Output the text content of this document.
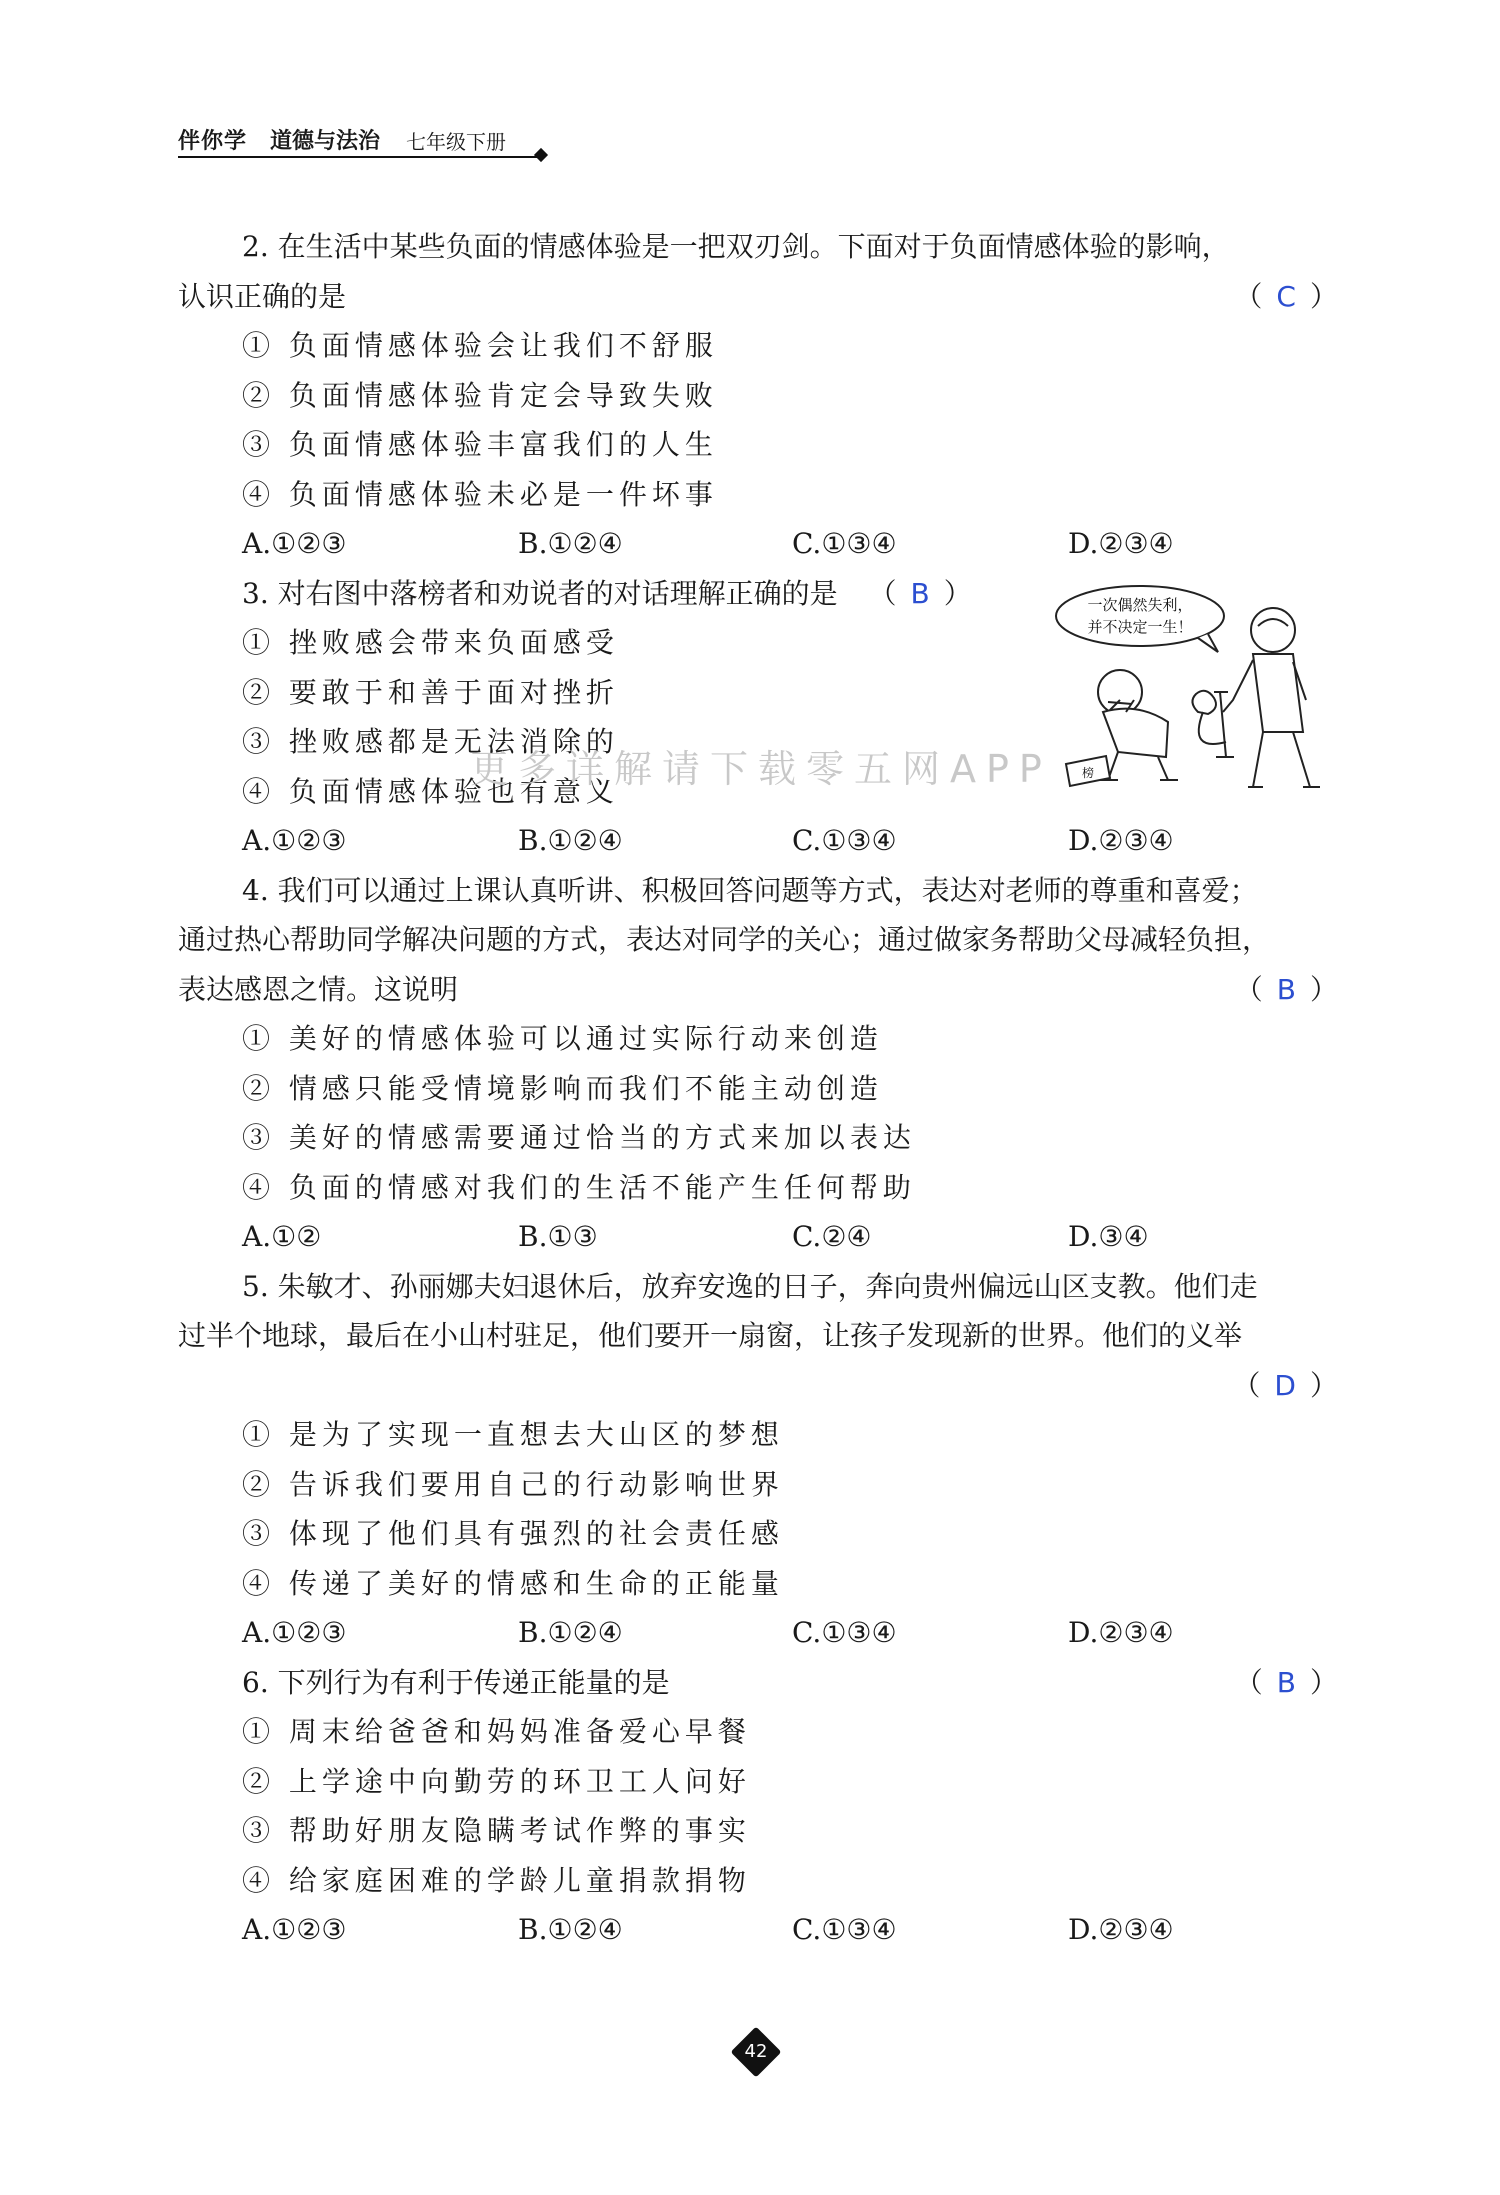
伴你学 道德与法治 七年级下册
2. 在生活中某些负面的情感体验是一把双刃剑。下面对于负面情感体验的影响，
认识正确的是	（ C ）
① 负面情感体验会让我们不舒服
② 负面情感体验肯定会导致失败
③ 负面情感体验丰富我们的人生
④ 负面情感体验未必是一件坏事
A.①②③	B.①②④	C.①③④	D.②③④
3. 对右图中落榜者和劝说者的对话理解正确的是 （ B ）
① 挫败感会带来负面感受
② 要敢于和善于面对挫折
③ 挫败感都是无法消除的
④ 负面情感体验也有意义
A.①②③	B.①②④	C.①③④	D.②③④
4. 我们可以通过上课认真听讲、积极回答问题等方式，表达对老师的尊重和喜爱；
通过热心帮助同学解决问题的方式，表达对同学的关心；通过做家务帮助父母减轻负担，
表达感恩之情。这说明	（ B ）
① 美好的情感体验可以通过实际行动来创造
② 情感只能受情境影响而我们不能主动创造
③ 美好的情感需要通过恰当的方式来加以表达
④ 负面的情感对我们的生活不能产生任何帮助
A.①②	B.①③	C.②④	D.③④
5. 朱敏才、孙丽娜夫妇退休后，放弃安逸的日子，奔向贵州偏远山区支教。他们走
过半个地球，最后在小山村驻足，他们要开一扇窗，让孩子发现新的世界。他们的义举
（ D ）
① 是为了实现一直想去大山区的梦想
② 告诉我们要用自己的行动影响世界
③ 体现了他们具有强烈的社会责任感
④ 传递了美好的情感和生命的正能量
A.①②③	B.①②④	C.①③④	D.②③④
6. 下列行为有利于传递正能量的是	（ B ）
① 周末给爸爸和妈妈准备爱心早餐
② 上学途中向勤劳的环卫工人问好
③ 帮助好朋友隐瞒考试作弊的事实
④ 给家庭困难的学龄儿童捐款捐物
A.①②③	B.①②④	C.①③④	D.②③④
一次偶然失利，
并不决定一生！
榜
更多详解请下载零五网APP
42
